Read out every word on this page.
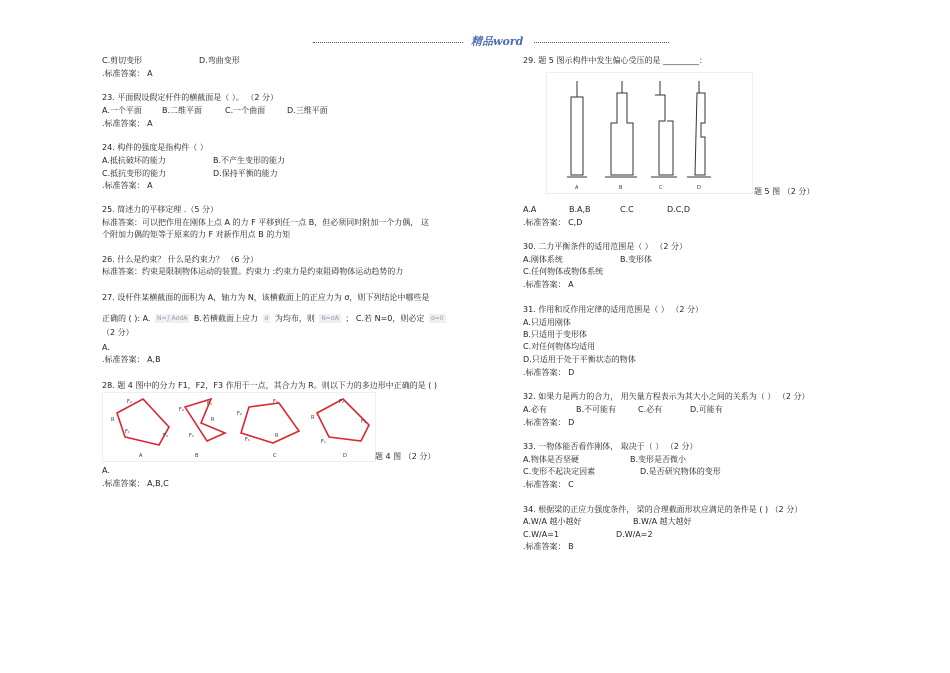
精品word
C.剪切变形	D.弯曲变形
.标准答案： A
23. 平面假设假定杆件的横截面是（ ）。 （2 分）
A.一个平面	B.二维平面	C.一个曲面	D.三维平面
.标准答案： A
24. 构件的强度是指构件（ ）
A.抵抗破坏的能力	B.不产生变形的能力
C.抵抗变形的能力	D.保持平衡的能力
.标准答案： A
25. 简述力的平移定理 .（5 分）
标准答案：可以把作用在刚体上点 A 的力 F 平移到任一点 B，但必须同时附加一个力偶， 这
个附加力偶的矩等于原来的力 F 对新作用点 B 的力矩
26. 什么是约束？ 什么是约束力？ （6 分）
标准答案：约束是限制物体运动的装置。约束力 :约束力是约束阻碍物体运动趋势的力
27. 设杆件某横截面的面积为 A，轴力为 N，该横截面上的正应力为 σ，则下列结论中哪些是
正确的 ( ): A. N=∫ AσdA B.若横截面上应力 σ 为均布，则 N=σA ； C.若 N=0，则必定 σ=0
（2 分）
A.
.标准答案： A,B
28. 题 4 图中的分力 F1，F2，F3 作用于一点，其合力为 R。则以下力的多边形中正确的是 ( )
F₂
R
F₁
F₃
F₃
F₂
R
F₁
F₃
F₂
R
F₁
F₂
R
F₁
F₃
A	B	C	D	题 4 图 （2 分）
A.
.标准答案： A,B,C
29. 题 5 图示构件中发生偏心受压的是 _________：
A	B	C	D	题 5 图 （2 分）
A.A	B.A,B	C.C	D.C,D
.标准答案： C,D
30. 二力平衡条件的适用范围是（ ） （2 分）
A.刚体系统	B.变形体
C.任何物体或物体系统
.标准答案： A
31. 作用和反作用定律的适用范围是（ ） （2 分）
A.只适用刚体
B.只适用于变形体
C.对任何物体均适用
D.只适用于处于平衡状态的物体
.标准答案： D
32. 如果力是两力的合力， 用矢量方程表示为其大小之间的关系为（ ） （2 分）
A.必有	B.不可能有	C.必有	D.可能有
.标准答案： D
33. 一物体能否看作刚体， 取决于（ ） （2 分）
A.物体是否坚硬	B.变形是否微小
C.变形不起决定因素	D.是否研究物体的变形
.标准答案： C
34. 根据梁的正应力强度条件， 梁的合理截面形状应满足的条件是 ( ) （2 分）
A.W/A 越小越好	B.W/A 越大越好
C.W/A=1	D.W/A=2
.标准答案： B
